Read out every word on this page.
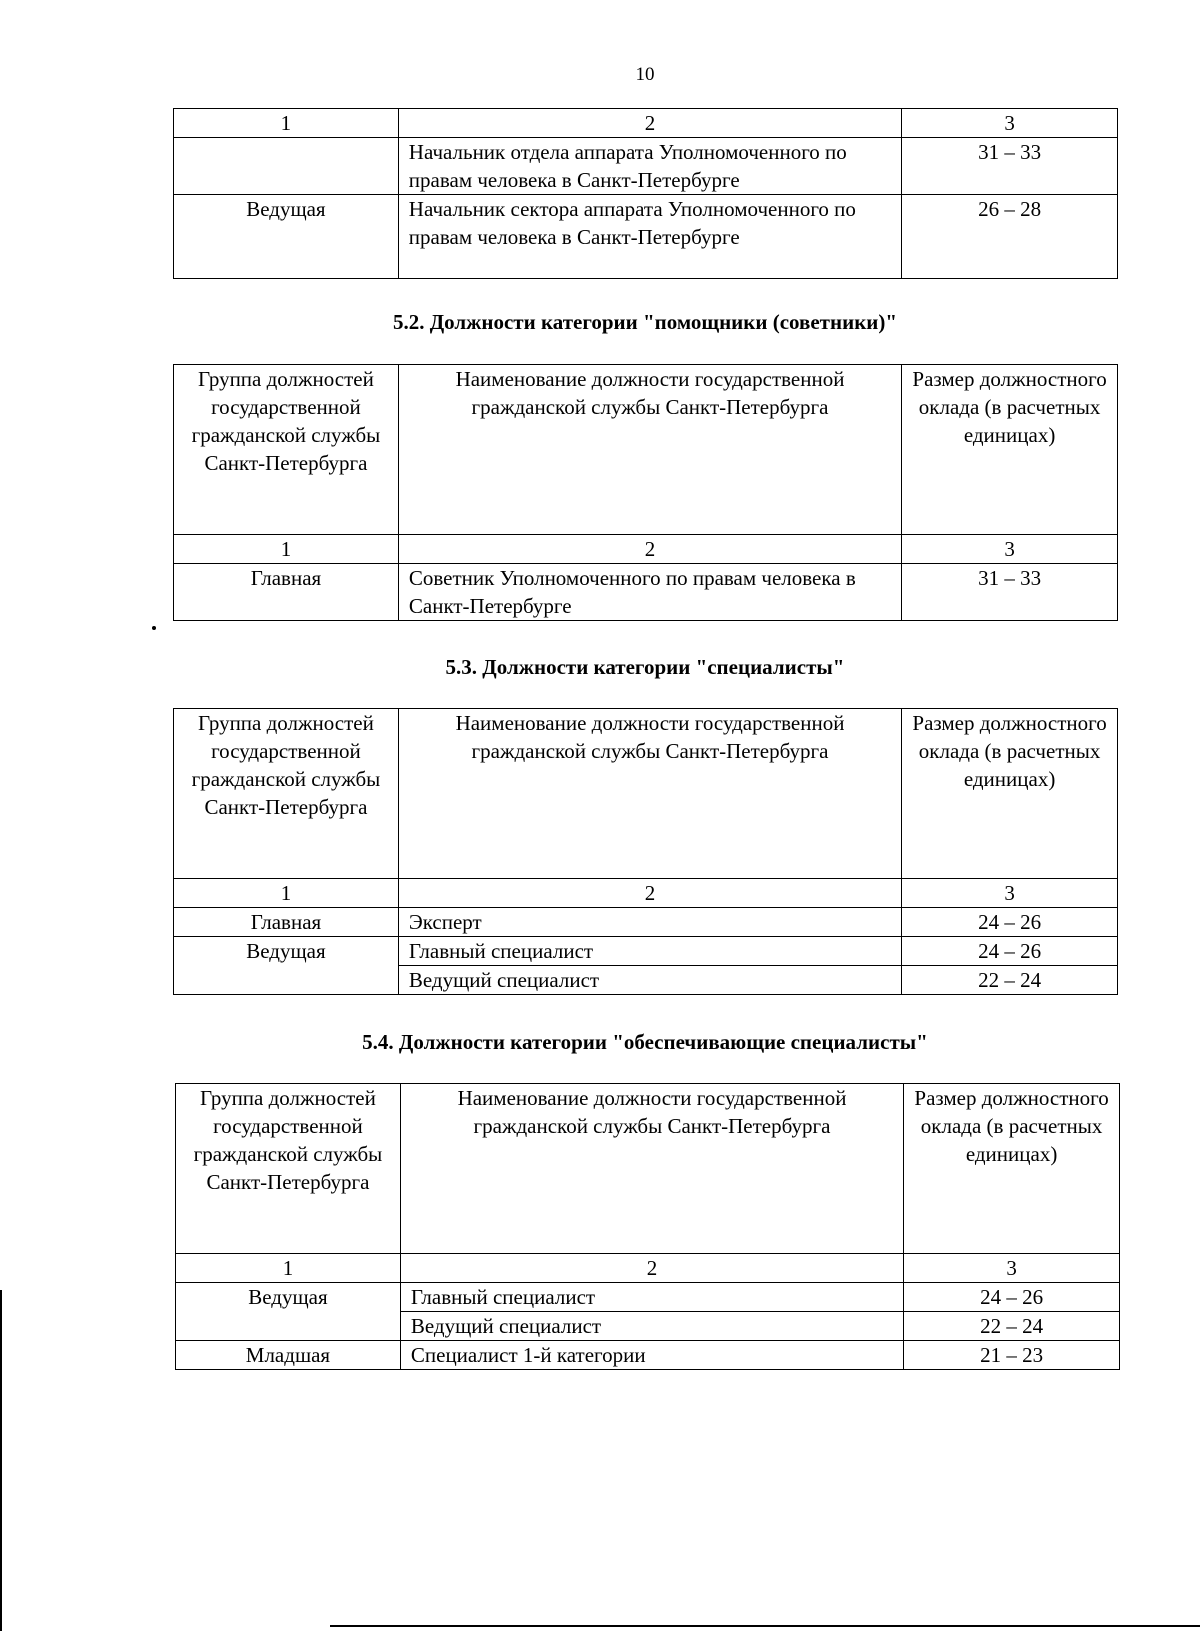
10
1	2	3
	Начальник отдела аппарата Уполномоченного по правам человека в Санкт-Петербурге	31 – 33
Ведущая	Начальник сектора аппарата Уполномоченного по правам человека в Санкт-Петербурге	26 – 28
5.2. Должности категории "помощники (советники)"
Группа должностей государственной гражданской службы Санкт-Петербурга	Наименование должности государственной гражданской службы Санкт-Петербурга	Размер должностного оклада (в расчетных единицах)
1	2	3
Главная	Советник Уполномоченного по правам человека в Санкт-Петербурге	31 – 33
5.3. Должности категории "специалисты"
Группа должностей государственной гражданской службы Санкт-Петербурга	Наименование должности государственной гражданской службы Санкт-Петербурга	Размер должностного оклада (в расчетных единицах)
1	2	3
Главная	Эксперт	24 – 26
Ведущая	Главный специалист	24 – 26
	Ведущий специалист	22 – 24
5.4. Должности категории "обеспечивающие специалисты"
Группа должностей государственной гражданской службы Санкт-Петербурга	Наименование должности государственной гражданской службы Санкт-Петербурга	Размер должностного оклада (в расчетных единицах)
1	2	3
Ведущая	Главный специалист	24 – 26
	Ведущий специалист	22 – 24
Младшая	Специалист 1-й категории	21 – 23
